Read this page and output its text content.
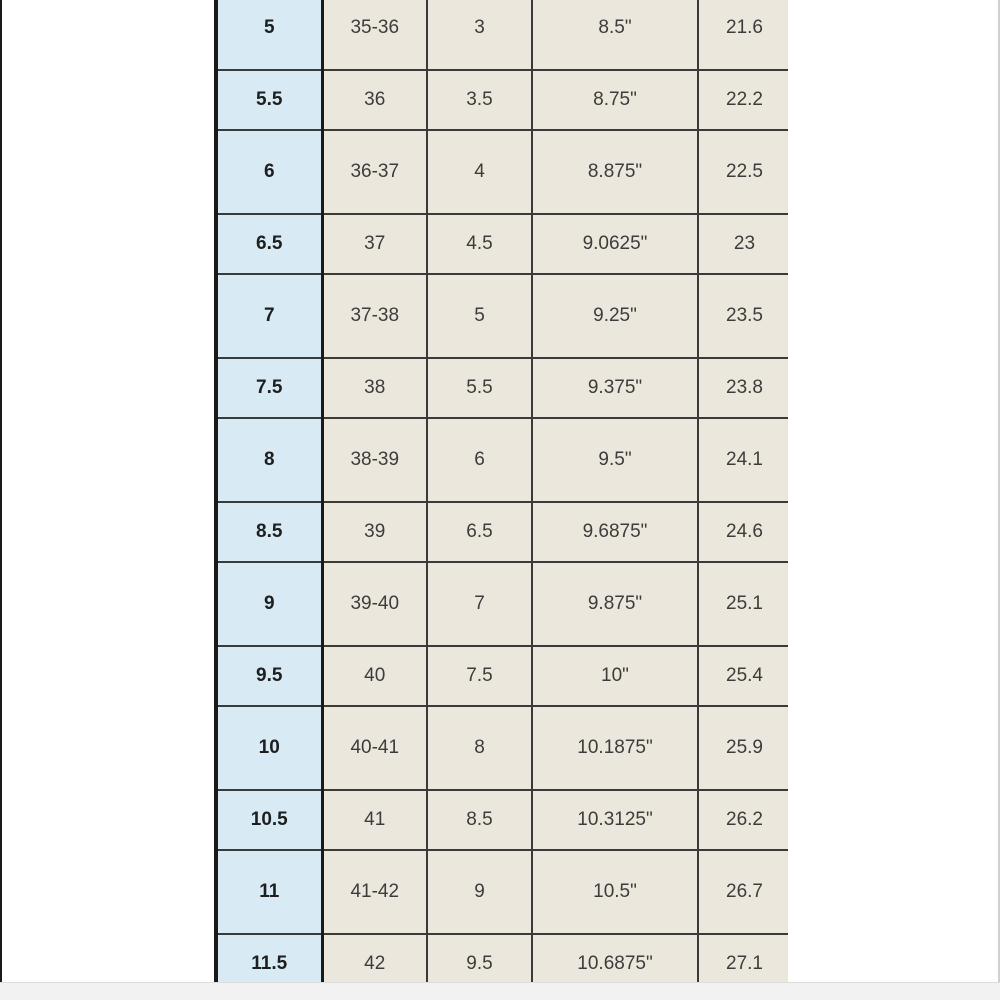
5	35-36	3	8.5"	21.6
5.5	36	3.5	8.75"	22.2
6	36-37	4	8.875"	22.5
6.5	37	4.5	9.0625"	23
7	37-38	5	9.25"	23.5
7.5	38	5.5	9.375"	23.8
8	38-39	6	9.5"	24.1
8.5	39	6.5	9.6875"	24.6
9	39-40	7	9.875"	25.1
9.5	40	7.5	10"	25.4
10	40-41	8	10.1875"	25.9
10.5	41	8.5	10.3125"	26.2
11	41-42	9	10.5"	26.7
11.5	42	9.5	10.6875"	27.1
